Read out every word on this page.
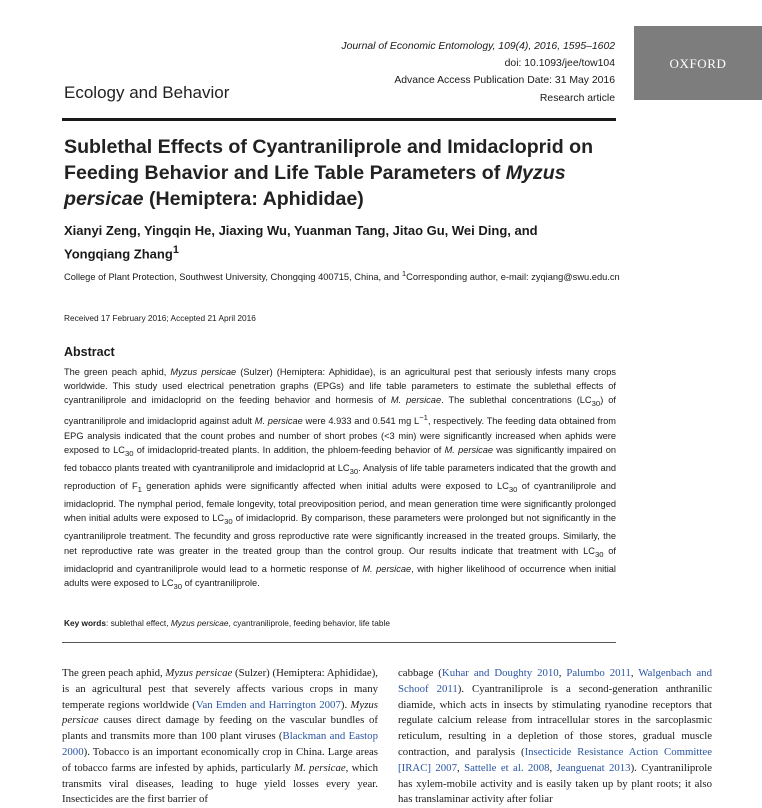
Journal of Economic Entomology, 109(4), 2016, 1595–1602
doi: 10.1093/jee/tow104
Advance Access Publication Date: 31 May 2016
Research article
OXFORD
Ecology and Behavior
Sublethal Effects of Cyantraniliprole and Imidacloprid on Feeding Behavior and Life Table Parameters of Myzus persicae (Hemiptera: Aphididae)
Xianyi Zeng, Yingqin He, Jiaxing Wu, Yuanman Tang, Jitao Gu, Wei Ding, and Yongqiang Zhang$^1$
College of Plant Protection, Southwest University, Chongqing 400715, China, and $^1$Corresponding author, e-mail: zyqiang@swu.edu.cn
Received 17 February 2016; Accepted 21 April 2016
Abstract
The green peach aphid, Myzus persicae (Sulzer) (Hemiptera: Aphididae), is an agricultural pest that seriously infests many crops worldwide. This study used electrical penetration graphs (EPGs) and life table parameters to estimate the sublethal effects of cyantraniliprole and imidacloprid on the feeding behavior and hormesis of M. persicae. The sublethal concentrations $(LC_{30})$ of cyantraniliprole and imidacloprid against adult M. persicae were 4.933 and 0.541 mg $L^{-1}$, respectively. The feeding data obtained from EPG analysis indicated that the count probes and number of short probes (<3 min) were significantly increased when aphids were exposed to $LC_{30}$ of imidacloprid-treated plants. In addition, the phloem-feeding behavior of M. persicae was significantly impaired on fed tobacco plants treated with cyantraniliprole and imidacloprid at $LC_{30}$. Analysis of life table parameters indicated that the growth and reproduction of $F_1$ generation aphids were significantly affected when initial adults were exposed to $LC_{30}$ of cyantraniliprole and imidacloprid. The nymphal period, female longevity, total preoviposition period, and mean generation time were significantly prolonged when initial adults were exposed to $LC_{30}$ of imidacloprid. By comparison, these parameters were prolonged but not significantly in the cyantraniliprole treatment. The fecundity and gross reproductive rate were significantly increased in the treated groups. Similarly, the net reproductive rate was greater in the treated group than the control group. Our results indicate that treatment with $LC_{30}$ of imidacloprid and cyantraniliprole would lead to a hormetic response of M. persicae, with higher likelihood of occurrence when initial adults were exposed to $LC_{30}$ of cyantraniliprole.
Key words: sublethal effect, Myzus persicae, cyantraniliprole, feeding behavior, life table
The green peach aphid, Myzus persicae (Sulzer) (Hemiptera: Aphididae), is an agricultural pest that severely affects various crops in many temperate regions worldwide (Van Emden and Harrington 2007). Myzus persicae causes direct damage by feeding on the vascular bundles of plants and transmits more than 100 plant viruses (Blackman and Eastop 2000). Tobacco is an important economically crop in China. Large areas of tobacco farms are infested by aphids, particularly M. persicae, which transmits viral diseases, leading to huge yield losses every year. Insecticides are the first barrier of
cabbage (Kuhar and Doughty 2010, Palumbo 2011, Walgenbach and Schoof 2011). Cyantraniliprole is a second-generation anthranilic diamide, which acts in insects by stimulating ryanodine receptors that regulate calcium release from intracellular stores in the sarcoplasmic reticulum, resulting in a depletion of those stores, gradual muscle contraction, and paralysis (Insecticide Resistance Action Committee [IRAC] 2007, Sattelle et al. 2008, Jeanguenat 2013). Cyantraniliprole has xylem-mobile activity and is easily taken up by plant roots; it also has translaminar activity after foliar
